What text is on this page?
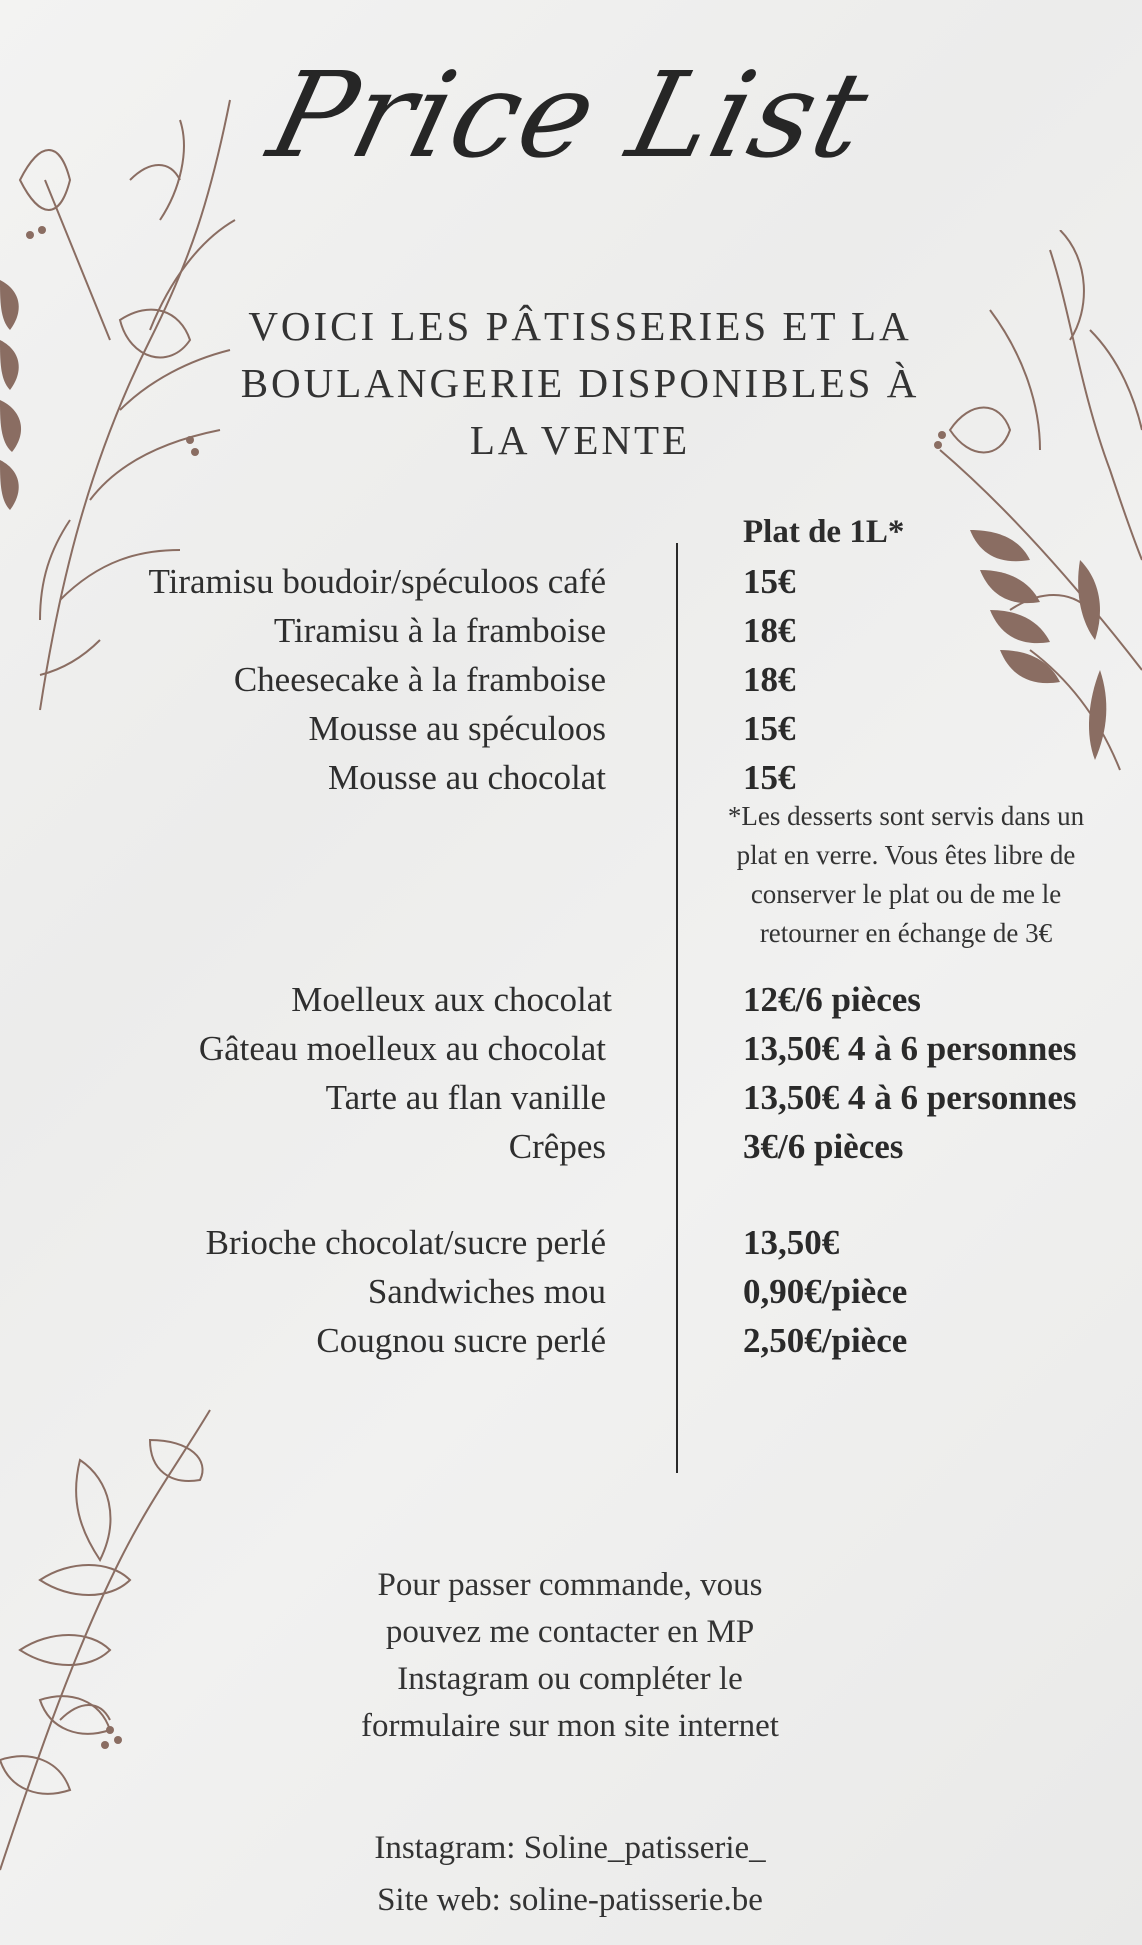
Price List
VOICI LES PÂTISSERIES ET LA
BOULANGERIE DISPONIBLES À
LA VENTE
Plat de 1L*
Tiramisu boudoir/spéculoos café
Tiramisu à la framboise
Cheesecake à la framboise
Mousse au spéculoos
Mousse au chocolat
15€
18€
18€
15€
15€
*Les desserts sont servis dans un
plat en verre. Vous êtes libre de
conserver le plat ou de me le
retourner en échange de 3€
Moelleux aux chocolat
Gâteau moelleux au chocolat
Tarte au flan vanille
Crêpes
12€/6 pièces
13,50€ 4 à 6 personnes
13,50€ 4 à 6 personnes
3€/6 pièces
Brioche chocolat/sucre perlé
Sandwiches mou
Cougnou sucre perlé
13,50€
0,90€/pièce
2,50€/pièce
Pour passer commande, vous
pouvez me contacter en MP
Instagram ou compléter le
formulaire sur mon site internet
Instagram: Soline_patisserie_
Site web: soline-patisserie.be
